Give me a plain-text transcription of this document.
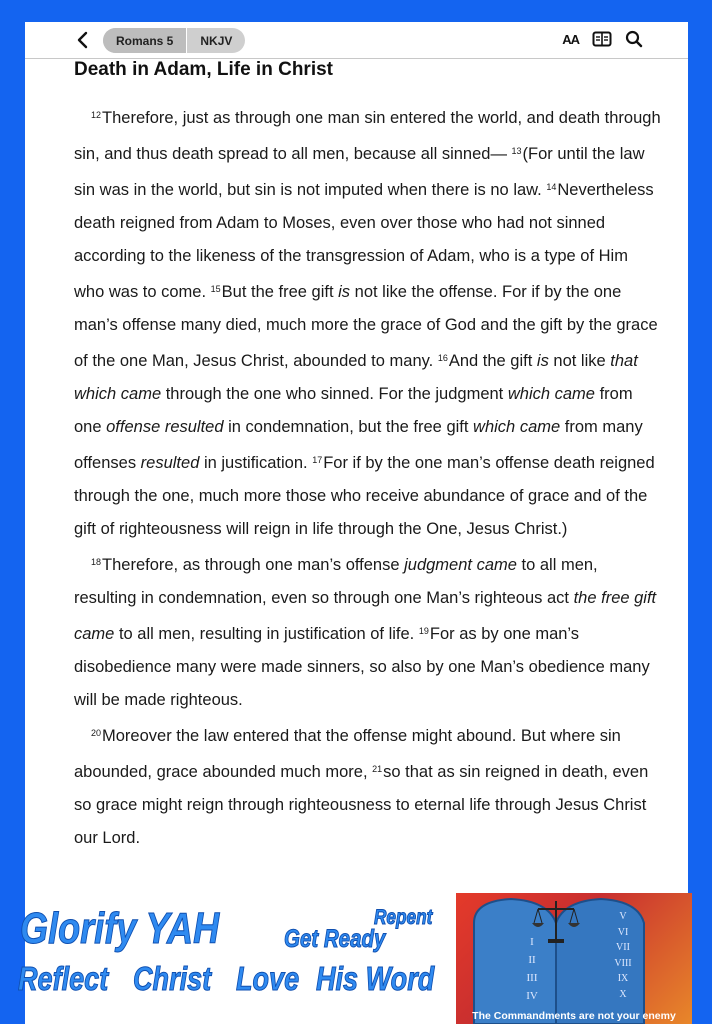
Romans 5	NKJV	AA
Death in Adam, Life in Christ

$^{12}$Therefore, just as through one man sin entered the world, and death through sin, and thus death spread to all men, because all sinned— $^{13}$(For until the law sin was in the world, but sin is not imputed when there is no law. $^{14}$Nevertheless death reigned from Adam to Moses, even over those who had not sinned according to the likeness of the transgression of Adam, who is a type of Him who was to come. $^{15}$But the free gift is not like the offense. For if by the one man’s offense many died, much more the grace of God and the gift by the grace of the one Man, Jesus Christ, abounded to many. $^{16}$And the gift is not like that which came through the one who sinned. For the judgment which came from one offense resulted in condemnation, but the free gift which came from many offenses resulted in justification. $^{17}$For if by the one man’s offense death reigned through the one, much more those who receive abundance of grace and of the gift of righteousness will reign in life through the One, Jesus Christ.)

$^{18}$Therefore, as through one man’s offense judgment came to all men, resulting in condemnation, even so through one Man’s righteous act the free gift came to all men, resulting in justification of life. $^{19}$For as by one man’s disobedience many were made sinners, so also by one Man’s obedience many will be made righteous.

$^{20}$Moreover the law entered that the offense might abound. But where sin abounded, grace abounded much more, $^{21}$so that as sin reigned in death, even so grace might reign through righteousness to eternal life through Jesus Christ our Lord.

Glorify YAH	Get Ready
Repent
Reflect Christ Love His Word
I
II
III
IV
V
VI
VII
VIII
IX
X
The Commandments are not your enemy
